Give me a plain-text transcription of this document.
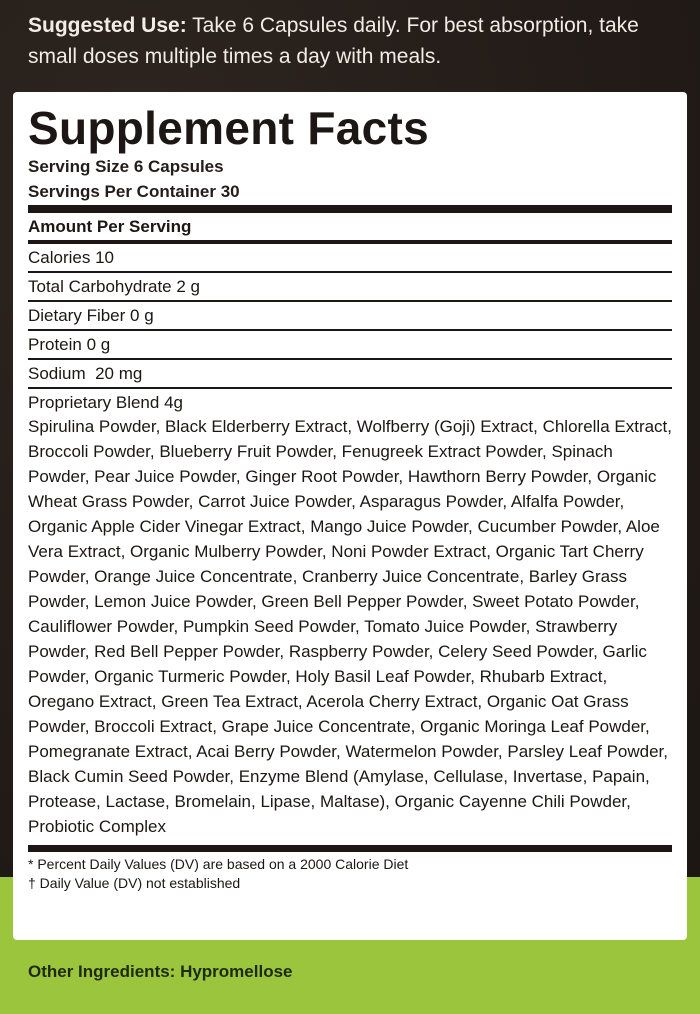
Suggested Use: Take 6 Capsules daily. For best absorption, take small doses multiple times a day with meals.
Supplement Facts
Serving Size 6 Capsules
Servings Per Container 30
Amount Per Serving
Calories 10
Total Carbohydrate 2 g
Dietary Fiber 0 g
Protein 0 g
Sodium  20 mg
Proprietary Blend 4g
Spirulina Powder, Black Elderberry Extract, Wolfberry (Goji) Extract, Chlorella Extract, Broccoli Powder, Blueberry Fruit Powder, Fenugreek Extract Powder, Spinach Powder, Pear Juice Powder, Ginger Root Powder, Hawthorn Berry Powder, Organic Wheat Grass Powder, Carrot Juice Powder, Asparagus Powder, Alfalfa Powder, Organic Apple Cider Vinegar Extract, Mango Juice Powder, Cucumber Powder, Aloe Vera Extract, Organic Mulberry Powder, Noni Powder Extract, Organic Tart Cherry Powder, Orange Juice Concentrate, Cranberry Juice Concentrate, Barley Grass Powder, Lemon Juice Powder, Green Bell Pepper Powder, Sweet Potato Powder, Cauliflower Powder, Pumpkin Seed Powder, Tomato Juice Powder, Strawberry Powder, Red Bell Pepper Powder, Raspberry Powder, Celery Seed Powder, Garlic Powder, Organic Turmeric Powder, Holy Basil Leaf Powder, Rhubarb Extract, Oregano Extract, Green Tea Extract, Acerola Cherry Extract, Organic Oat Grass Powder, Broccoli Extract, Grape Juice Concentrate, Organic Moringa Leaf Powder, Pomegranate Extract, Acai Berry Powder, Watermelon Powder, Parsley Leaf Powder, Black Cumin Seed Powder, Enzyme Blend (Amylase, Cellulase, Invertase, Papain, Protease, Lactase, Bromelain, Lipase, Maltase), Organic Cayenne Chili Powder, Probiotic Complex
* Percent Daily Values (DV) are based on a 2000 Calorie Diet
† Daily Value (DV) not established
Other Ingredients: Hypromellose
